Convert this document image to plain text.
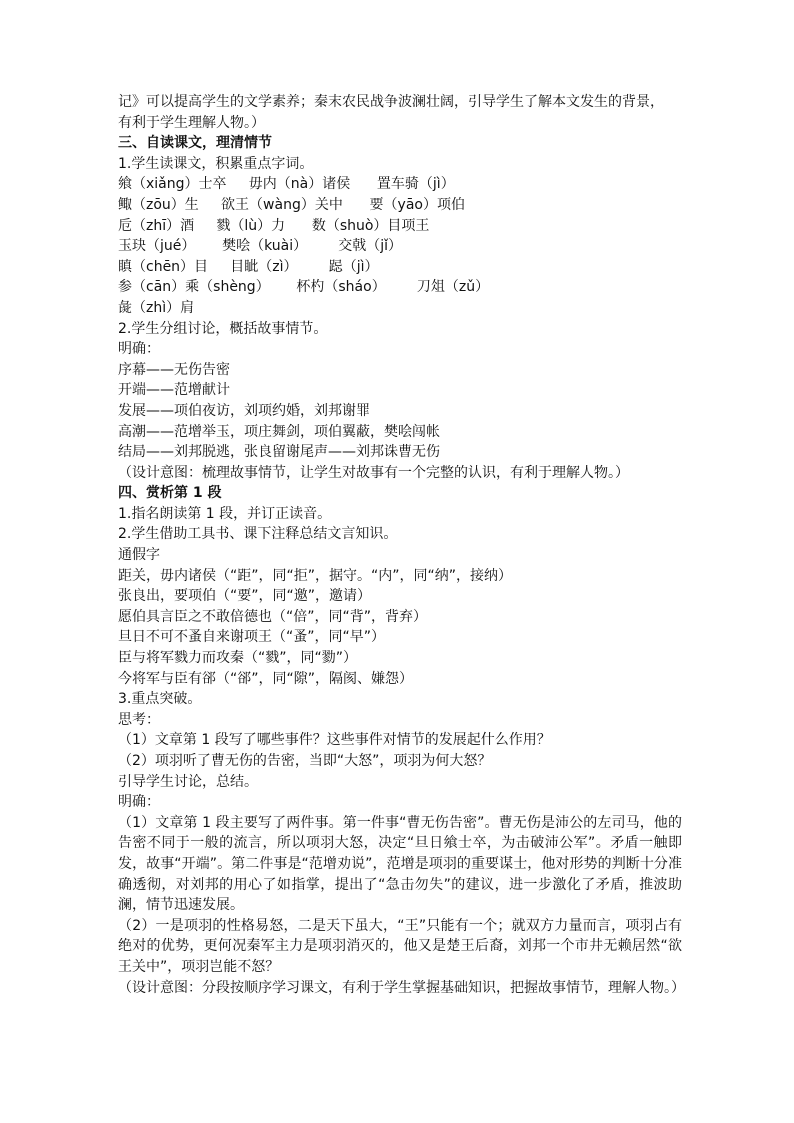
记》可以提高学生的文学素养；秦末农民战争波澜壮阔，引导学生了解本文发生的背景，
有利于学生理解人物。）
三、自读课文，理清情节
1.学生读课文，积累重点字词。
飨（xiǎng）士卒     毋内（nà）诸侯      置车骑（jì）
鲰（zōu）生     欲王（wàng）关中      要（yāo）项伯
卮（zhī）酒     戮（lù）力      数（shuò）目项王
玉玦（jué）      樊哙（kuài）       交戟（jǐ）
瞋（chēn）目     目眦（zì）       跽（jì）
参（cān）乘（shèng）      杯杓（sháo）       刀俎（zǔ）
彘（zhì）肩
2.学生分组讨论，概括故事情节。
明确：
序幕——无伤告密
开端——范增献计
发展——项伯夜访，刘项约婚，刘邦谢罪
高潮——范增举玉，项庄舞剑，项伯翼蔽，樊哙闯帐
结局——刘邦脱逃，张良留谢尾声——刘邦诛曹无伤
（设计意图：梳理故事情节，让学生对故事有一个完整的认识，有利于理解人物。）
四、赏析第 1 段
1.指名朗读第 1 段，并订正读音。
2.学生借助工具书、课下注释总结文言知识。
通假字
距关，毋内诸侯（“距”，同“拒”，据守。“内”，同“纳”，接纳）
张良出，要项伯（“要”，同“邀”，邀请）
愿伯具言臣之不敢倍德也（“倍”，同“背”，背弃）
旦日不可不蚤自来谢项王（“蚤”，同“早”）
臣与将军戮力而攻秦（“戮”，同“勠”）
今将军与臣有郤（“郤”，同“隙”，隔阂、嫌怨）
3.重点突破。
思考：
（1）文章第 1 段写了哪些事件？这些事件对情节的发展起什么作用？
（2）项羽听了曹无伤的告密，当即“大怒”，项羽为何大怒？
引导学生讨论，总结。
明确：
（1）文章第 1 段主要写了两件事。第一件事“曹无伤告密”。曹无伤是沛公的左司马，他的告密不同于一般的流言，所以项羽大怒，决定“旦日飨士卒，为击破沛公军”。矛盾一触即发，故事“开端”。第二件事是“范增劝说”，范增是项羽的重要谋士，他对形势的判断十分准确透彻，对刘邦的用心了如指掌，提出了“急击勿失”的建议，进一步激化了矛盾，推波助澜，情节迅速发展。
（2）一是项羽的性格易怒，二是天下虽大，“王”只能有一个；就双方力量而言，项羽占有绝对的优势，更何况秦军主力是项羽消灭的，他又是楚王后裔，刘邦一个市井无赖居然“欲王关中”，项羽岂能不怒？
（设计意图：分段按顺序学习课文，有利于学生掌握基础知识，把握故事情节，理解人物。）
